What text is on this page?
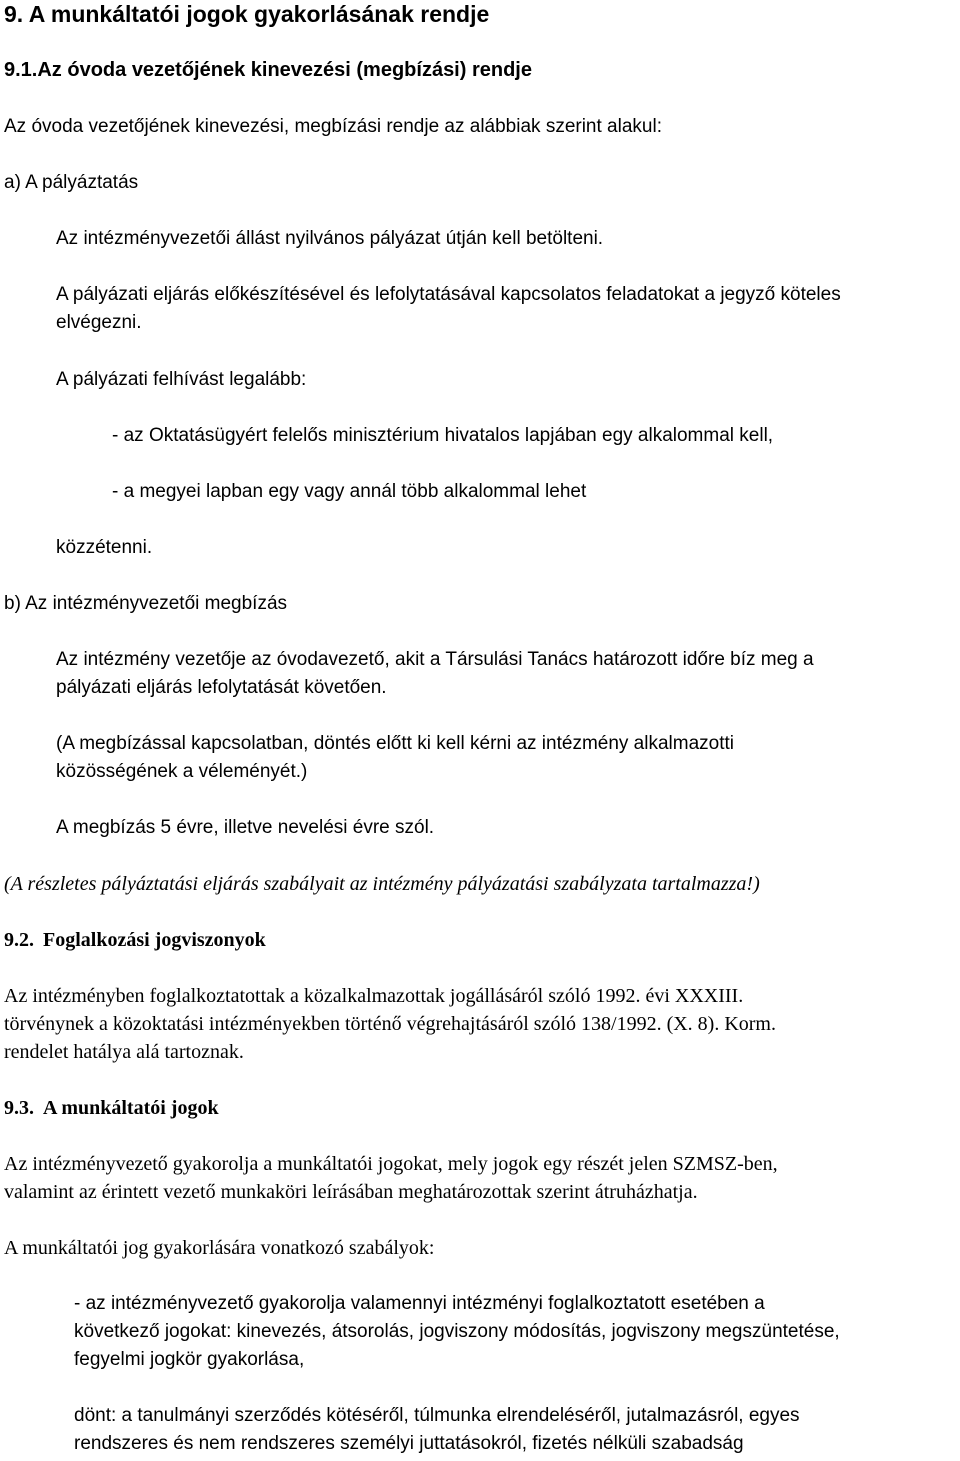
9. A munkáltatói jogok gyakorlásának rendje
9.1.Az óvoda vezetőjének kinevezési (megbízási) rendje
Az óvoda vezetőjének kinevezési, megbízási rendje az alábbiak szerint alakul:
a) A pályáztatás
Az intézményvezetői állást nyilvános pályázat útján kell betölteni.
A pályázati eljárás előkészítésével és lefolytatásával kapcsolatos feladatokat a jegyző köteles
elvégezni.
A pályázati felhívást legalább:
- az Oktatásügyért felelős minisztérium hivatalos lapjában egy alkalommal kell,
- a megyei lapban egy vagy annál több alkalommal lehet
közzétenni.
b) Az intézményvezetői megbízás
Az intézmény vezetője az óvodavezető, akit a Társulási Tanács határozott időre bíz meg a
pályázati eljárás lefolytatását követően.
(A megbízással kapcsolatban, döntés előtt ki kell kérni az intézmény alkalmazotti
közösségének a véleményét.)
A megbízás 5 évre, illetve nevelési évre szól.
(A részletes pályáztatási eljárás szabályait az intézmény pályázatási szabályzata tartalmazza!)
9.2. Foglalkozási jogviszonyok
Az intézményben foglalkoztatottak a közalkalmazottak jogállásáról szóló 1992. évi XXXIII.
törvénynek a közoktatási intézményekben történő végrehajtásáról szóló 138/1992. (X. 8). Korm.
rendelet hatálya alá tartoznak.
9.3. A munkáltatói jogok
Az intézményvezető gyakorolja a munkáltatói jogokat, mely jogok egy részét jelen SZMSZ-ben,
valamint az érintett vezető munkaköri leírásában meghatározottak szerint átruházhatja.
A munkáltatói jog gyakorlására vonatkozó szabályok:
- az intézményvezető gyakorolja valamennyi intézményi foglalkoztatott esetében a
következő jogokat: kinevezés, átsorolás, jogviszony módosítás, jogviszony megszüntetése,
fegyelmi jogkör gyakorlása,
dönt: a tanulmányi szerződés kötéséről, túlmunka elrendeléséről, jutalmazásról, egyes
rendszeres és nem rendszeres személyi juttatásokról, fizetés nélküli szabadság
